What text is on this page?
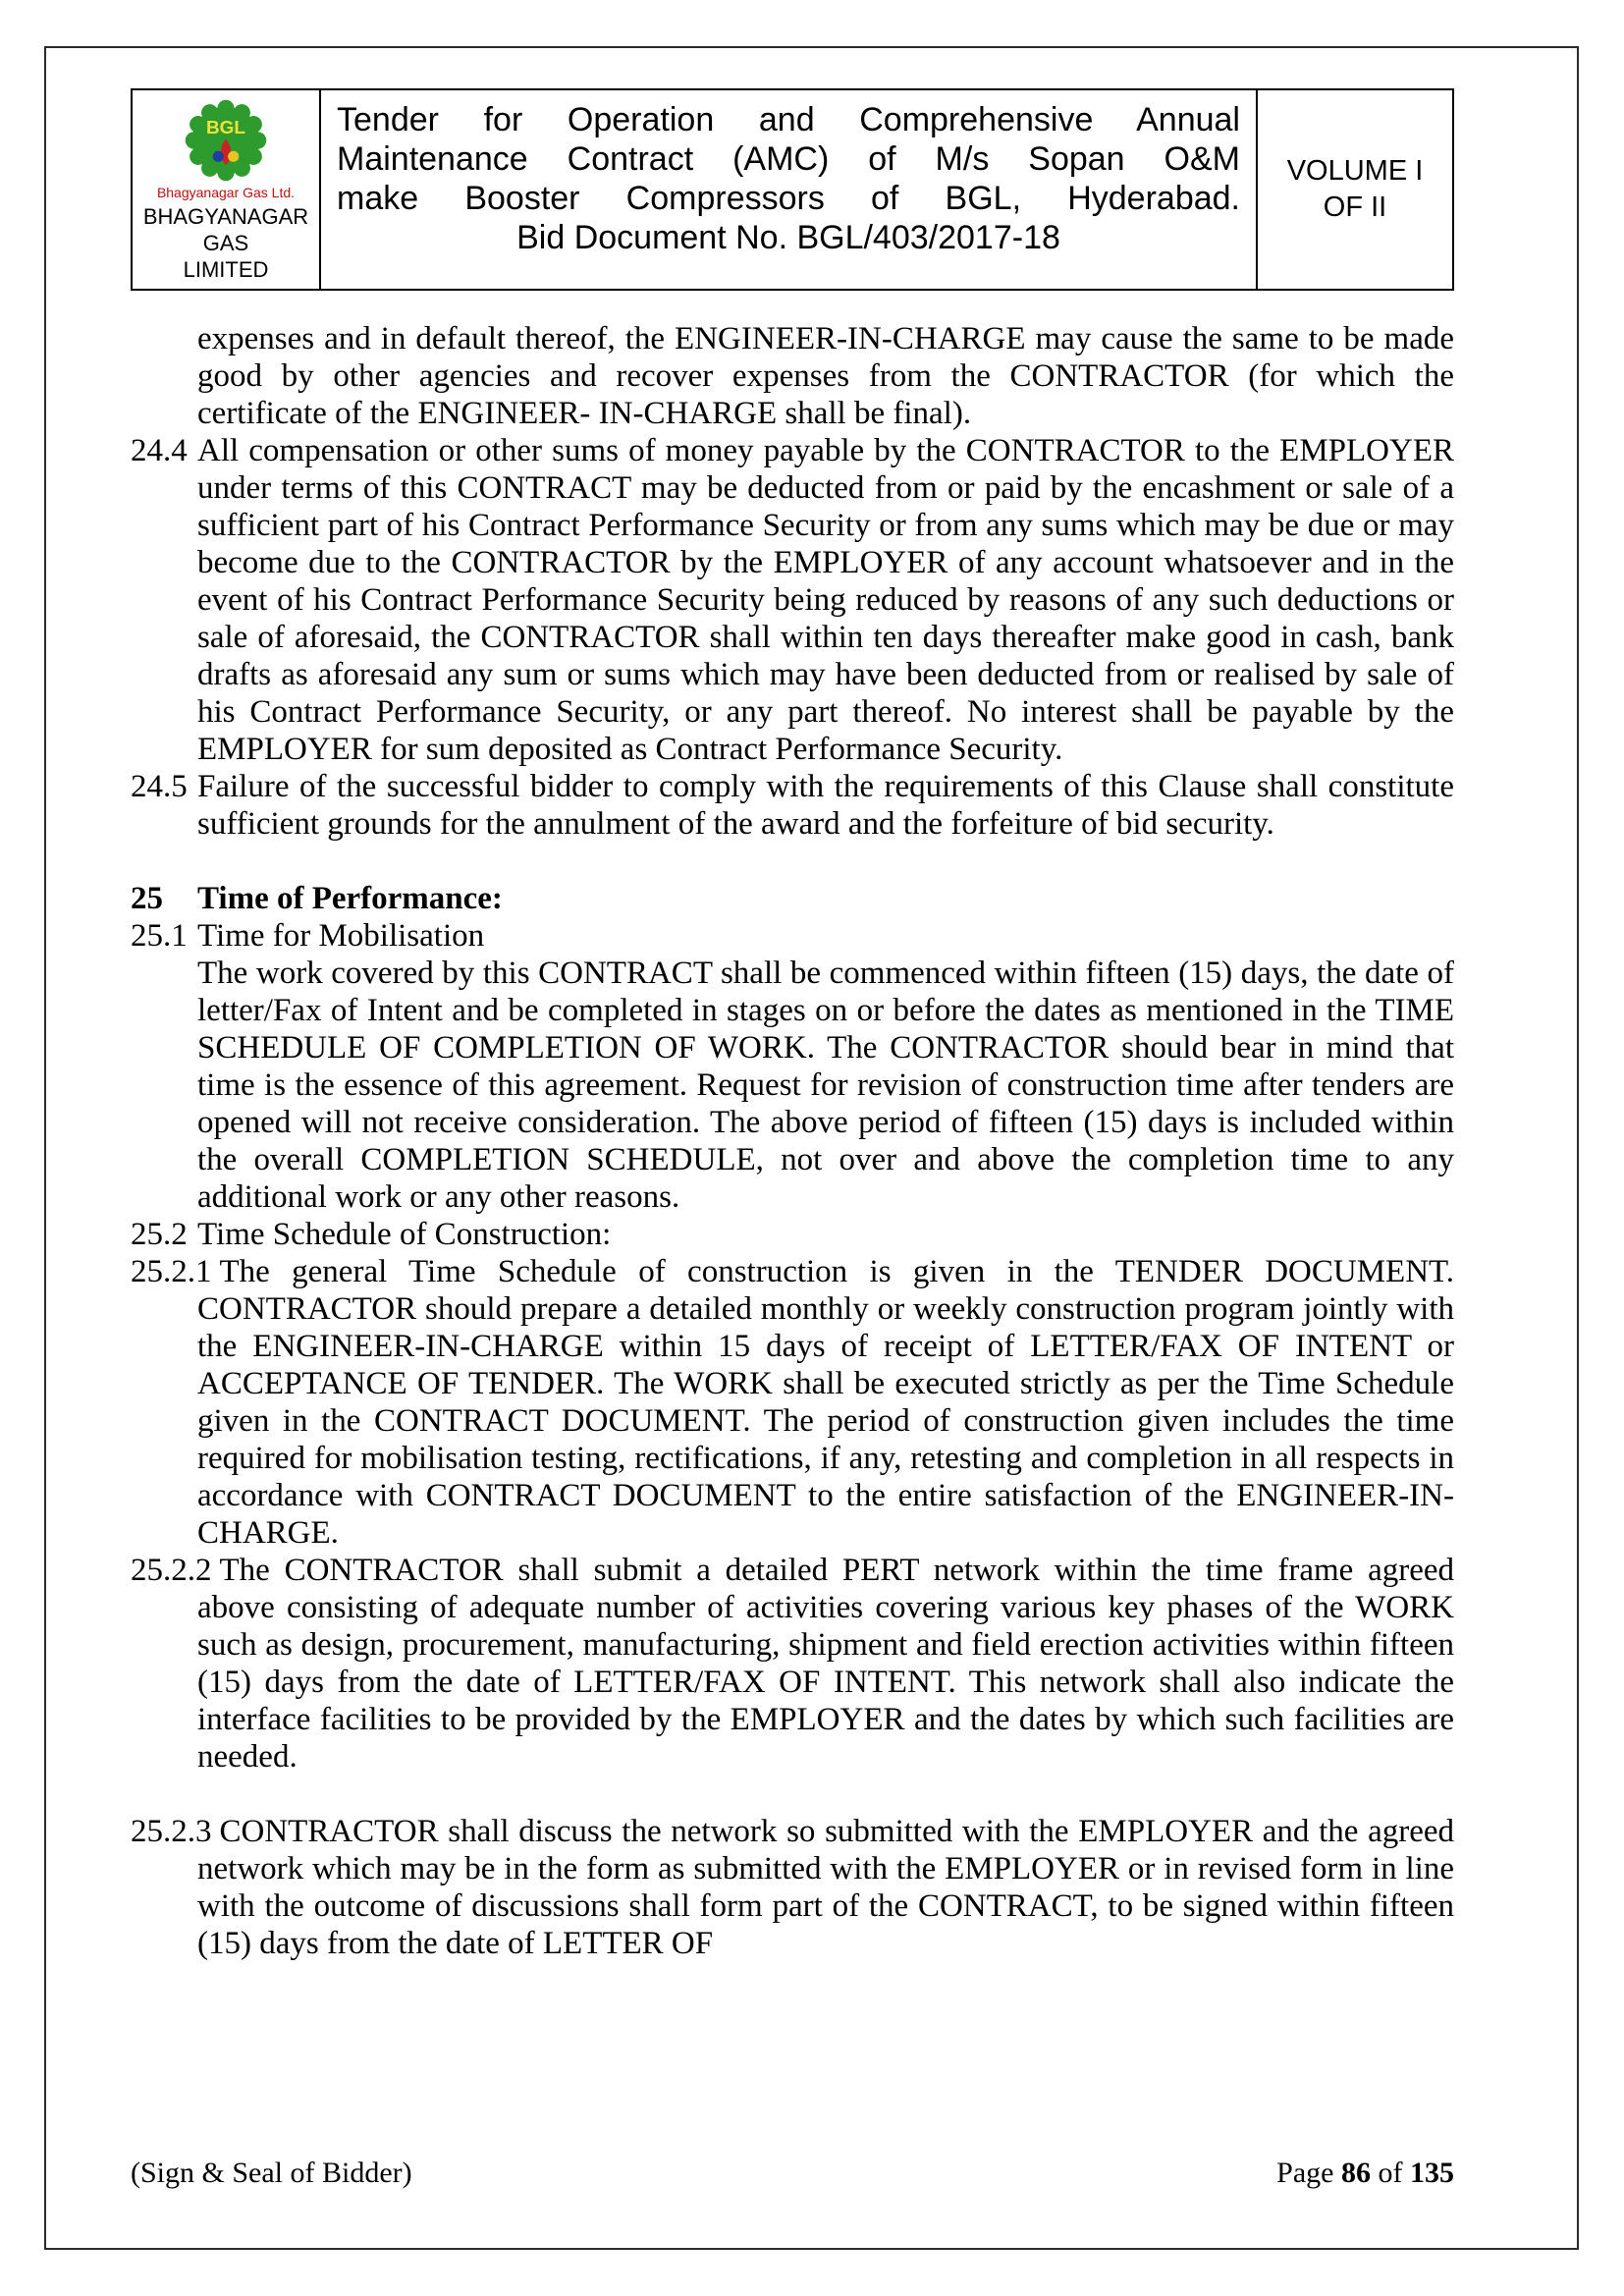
BGL
Bhagyanagar Gas Ltd.
BHAGYANAGAR GAS
LIMITED
Tender for Operation and Comprehensive Annual
Maintenance Contract (AMC) of M/s Sopan O&M
make Booster Compressors of BGL, Hyderabad.
Bid Document No. BGL/403/2017-18
VOLUME I
OF II

expenses and in default thereof, the ENGINEER-IN-CHARGE may cause the same to be made good by other agencies and recover expenses from the CONTRACTOR (for which the certificate of the ENGINEER- IN-CHARGE shall be final).

24.4 All compensation or other sums of money payable by the CONTRACTOR to the EMPLOYER under terms of this CONTRACT may be deducted from or paid by the encashment or sale of a sufficient part of his Contract Performance Security or from any sums which may be due or may become due to the CONTRACTOR by the EMPLOYER of any account whatsoever and in the event of his Contract Performance Security being reduced by reasons of any such deductions or sale of aforesaid, the CONTRACTOR shall within ten days thereafter make good in cash, bank drafts as aforesaid any sum or sums which may have been deducted from or realised by sale of his Contract Performance Security, or any part thereof. No interest shall be payable by the EMPLOYER for sum deposited as Contract Performance Security.

24.5 Failure of the successful bidder to comply with the requirements of this Clause shall constitute sufficient grounds for the annulment of the award and the forfeiture of bid security.

25 Time of Performance:

25.1 Time for Mobilisation

The work covered by this CONTRACT shall be commenced within fifteen (15) days, the date of letter/Fax of Intent and be completed in stages on or before the dates as mentioned in the TIME SCHEDULE OF COMPLETION OF WORK. The CONTRACTOR should bear in mind that time is the essence of this agreement. Request for revision of construction time after tenders are opened will not receive consideration. The above period of fifteen (15) days is included within the overall COMPLETION SCHEDULE, not over and above the completion time to any additional work or any other reasons.

25.2 Time Schedule of Construction:

25.2.1 The general Time Schedule of construction is given in the TENDER DOCUMENT. CONTRACTOR should prepare a detailed monthly or weekly construction program jointly with the ENGINEER-IN-CHARGE within 15 days of receipt of LETTER/FAX OF INTENT or ACCEPTANCE OF TENDER. The WORK shall be executed strictly as per the Time Schedule given in the CONTRACT DOCUMENT. The period of construction given includes the time required for mobilisation testing, rectifications, if any, retesting and completion in all respects in accordance with CONTRACT DOCUMENT to the entire satisfaction of the ENGINEER-IN-CHARGE.

25.2.2 The CONTRACTOR shall submit a detailed PERT network within the time frame agreed above consisting of adequate number of activities covering various key phases of the WORK such as design, procurement, manufacturing, shipment and field erection activities within fifteen (15) days from the date of LETTER/FAX OF INTENT. This network shall also indicate the interface facilities to be provided by the EMPLOYER and the dates by which such facilities are needed.

25.2.3 CONTRACTOR shall discuss the network so submitted with the EMPLOYER and the agreed network which may be in the form as submitted with the EMPLOYER or in revised form in line with the outcome of discussions shall form part of the CONTRACT, to be signed within fifteen (15) days from the date of LETTER OF

(Sign & Seal of Bidder)	Page 86 of 135
